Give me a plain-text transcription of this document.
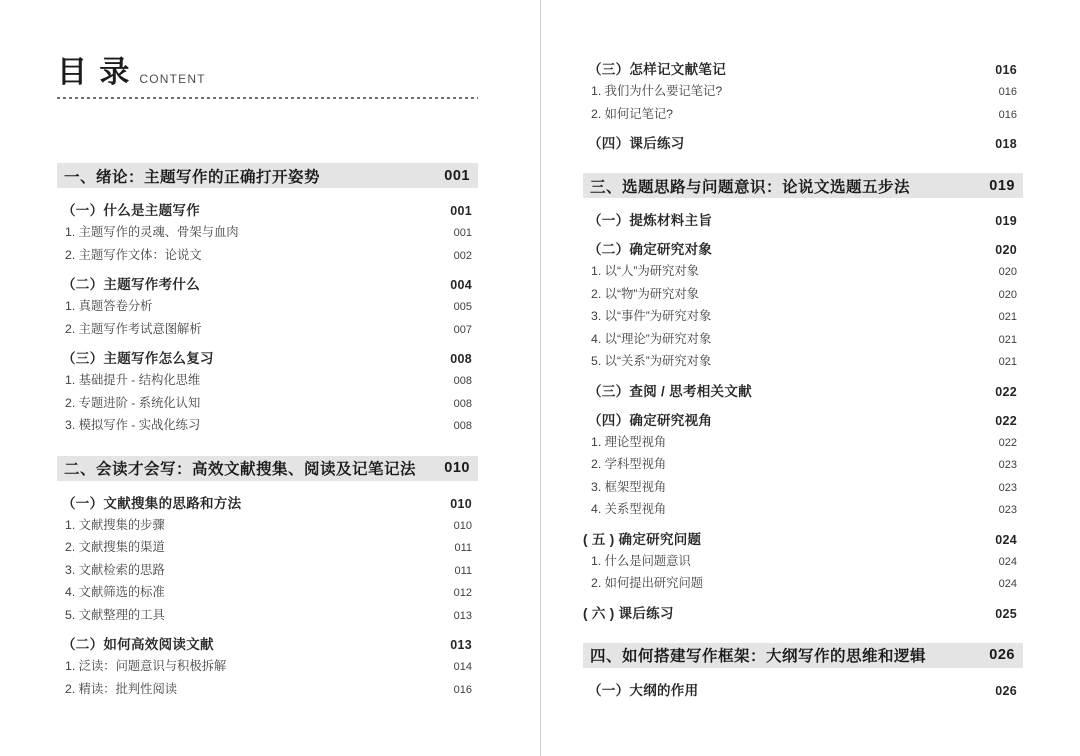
目 录 CONTENT
一、绪论：主题写作的正确打开姿势	001
（一）什么是主题写作	001
1. 主题写作的灵魂、骨架与血肉	001
2. 主题写作文体：论说文	002
（二）主题写作考什么	004
1. 真题答卷分析	005
2. 主题写作考试意图解析	007
（三）主题写作怎么复习	008
1. 基础提升 - 结构化思维	008
2. 专题进阶 - 系统化认知	008
3. 模拟写作 - 实战化练习	008
二、会读才会写：高效文献搜集、阅读及记笔记法 010
（一）文献搜集的思路和方法	010
1. 文献搜集的步骤	010
2. 文献搜集的渠道	011
3. 文献检索的思路	011
4. 文献筛选的标准	012
5. 文献整理的工具	013
（二）如何高效阅读文献	013
1. 泛读：问题意识与积极拆解	014
2. 精读：批判性阅读	016
（三）怎样记文献笔记	016
1. 我们为什么要记笔记?	016
2. 如何记笔记?	016
（四）课后练习	018
三、选题思路与问题意识：论说文选题五步法	019
（一）提炼材料主旨	019
（二）确定研究对象	020
1. 以“人”为研究对象	020
2. 以“物”为研究对象	020
3. 以“事件”为研究对象	021
4. 以“理论”为研究对象	021
5. 以“关系”为研究对象	021
（三）查阅 / 思考相关文献	022
（四）确定研究视角	022
1. 理论型视角	022
2. 学科型视角	023
3. 框架型视角	023
4. 关系型视角	023
( 五 ) 确定研究问题	024
1. 什么是问题意识	024
2. 如何提出研究问题	024
( 六 ) 课后练习	025
四、如何搭建写作框架：大纲写作的思维和逻辑	026
（一）大纲的作用	026
